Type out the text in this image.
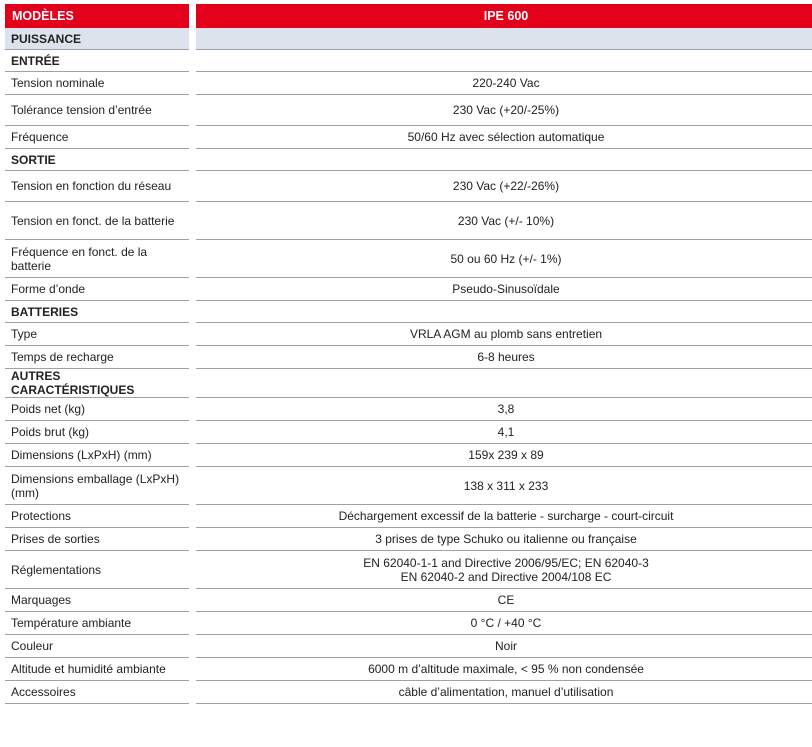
MODÈLES		IPE 600
PUISSANCE		
ENTRÉE		
Tension nominale		220-240 Vac
Tolérance tension d’entrée		230 Vac (+20/-25%)
Fréquence		50/60 Hz avec sélection automatique
SORTIE		
Tension en fonction du réseau		230 Vac (+22/-26%)
Tension en fonct. de la batterie		230 Vac (+/- 10%)
Fréquence en fonct. de la batterie		50 ou 60 Hz (+/- 1%)
Forme d’onde		Pseudo-Sinusoïdale
BATTERIES		
Type		VRLA AGM au plomb sans entretien
Temps de recharge		6-8 heures
AUTRES CARACTÉRISTIQUES		
Poids net (kg)		3,8
Poids brut (kg)		4,1
Dimensions (LxPxH) (mm)		159x 239 x 89
Dimensions emballage (LxPxH) (mm)		138 x 311 x 233
Protections		Déchargement excessif de la batterie - surcharge - court-circuit
Prises de sorties		3 prises de type Schuko ou italienne ou française
Réglementations		EN 62040-1-1 and Directive 2006/95/EC; EN 62040-3
EN 62040-2 and Directive 2004/108 EC

Marquages		CE
Température ambiante		0 °C / +40 °C
Couleur		Noir
Altitude et humidité ambiante		6000 m d’altitude maximale, < 95 % non condensée
Accessoires		câble d’alimentation, manuel d’utilisation
